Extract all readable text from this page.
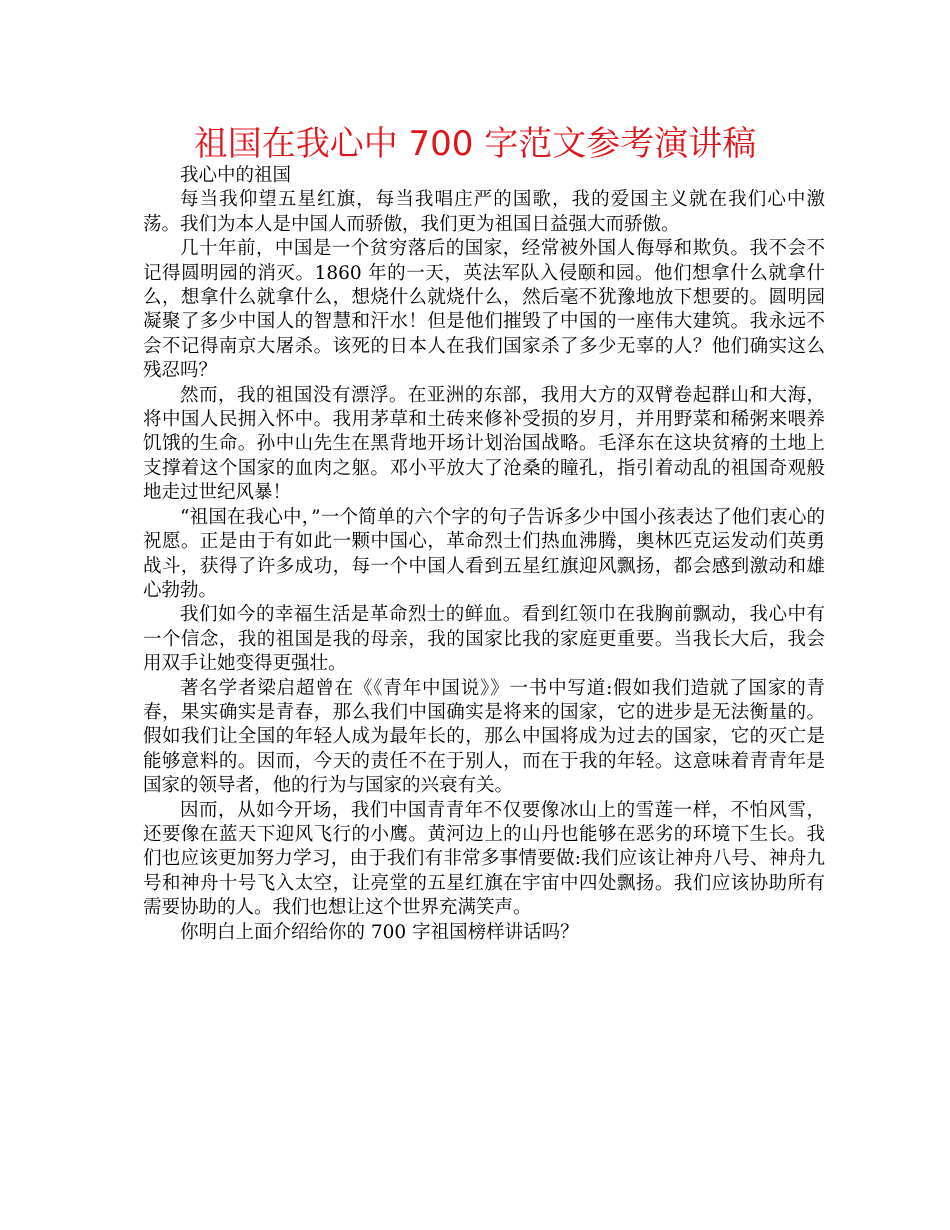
祖国在我心中 700 字范文参考演讲稿

我心中的祖国

每当我仰望五星红旗，每当我唱庄严的国歌，我的爱国主义就在我们心中激荡。我们为本人是中国人而骄傲，我们更为祖国日益强大而骄傲。

几十年前，中国是一个贫穷落后的国家，经常被外国人侮辱和欺负。我不会不记得圆明园的消灭。1860 年的一天，英法军队入侵颐和园。他们想拿什么就拿什么，想拿什么就拿什么，想烧什么就烧什么，然后毫不犹豫地放下想要的。圆明园凝聚了多少中国人的智慧和汗水！但是他们摧毁了中国的一座伟大建筑。我永远不会不记得南京大屠杀。该死的日本人在我们国家杀了多少无辜的人？他们确实这么残忍吗？

然而，我的祖国没有漂浮。在亚洲的东部，我用大方的双臂卷起群山和大海，将中国人民拥入怀中。我用茅草和土砖来修补受损的岁月，并用野菜和稀粥来喂养饥饿的生命。孙中山先生在黑背地开场计划治国战略。毛泽东在这块贫瘠的土地上支撑着这个国家的血肉之躯。邓小平放大了沧桑的瞳孔，指引着动乱的祖国奇观般地走过世纪风暴！

“祖国在我心中，”一个简单的六个字的句子告诉多少中国小孩表达了他们衷心的祝愿。正是由于有如此一颗中国心，革命烈士们热血沸腾，奥林匹克运发动们英勇战斗，获得了许多成功，每一个中国人看到五星红旗迎风飘扬，都会感到激动和雄心勃勃。

我们如今的幸福生活是革命烈士的鲜血。看到红领巾在我胸前飘动，我心中有一个信念，我的祖国是我的母亲，我的国家比我的家庭更重要。当我长大后，我会用双手让她变得更强壮。

著名学者梁启超曾在《《青年中国说》》一书中写道:假如我们造就了国家的青春，果实确实是青春，那么我们中国确实是将来的国家，它的进步是无法衡量的。假如我们让全国的年轻人成为最年长的，那么中国将成为过去的国家，它的灭亡是能够意料的。因而，今天的责任不在于别人，而在于我的年轻。这意味着青青年是国家的领导者，他的行为与国家的兴衰有关。

因而，从如今开场，我们中国青青年不仅要像冰山上的雪莲一样，不怕风雪，还要像在蓝天下迎风飞行的小鹰。黄河边上的山丹也能够在恶劣的环境下生长。我们也应该更加努力学习，由于我们有非常多事情要做:我们应该让神舟八号、神舟九号和神舟十号飞入太空，让亮堂的五星红旗在宇宙中四处飘扬。我们应该协助所有需要协助的人。我们也想让这个世界充满笑声。

你明白上面介绍给你的 700 字祖国榜样讲话吗？
